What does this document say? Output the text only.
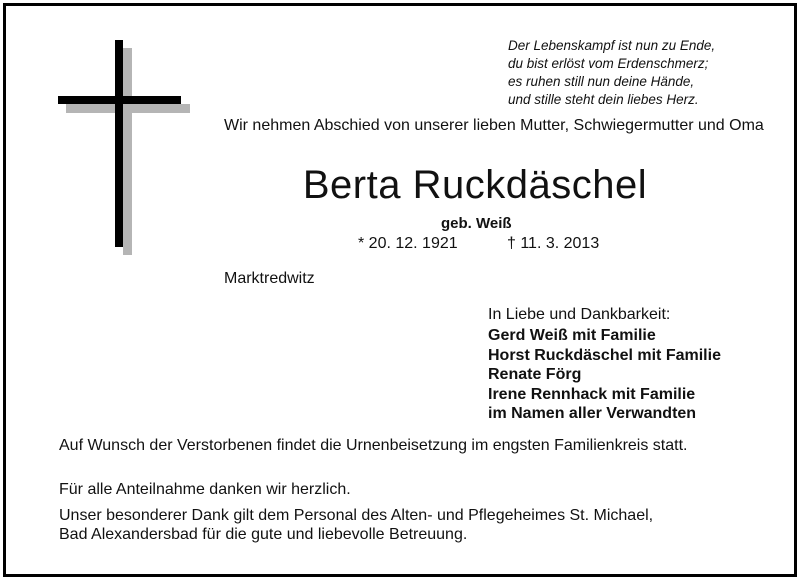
Der Lebenskampf ist nun zu Ende,
du bist erlöst vom Erdenschmerz;
es ruhen still nun deine Hände,
und stille steht dein liebes Herz.
Wir nehmen Abschied von unserer lieben Mutter, Schwiegermutter und Oma
Berta Ruckdäschel
geb. Weiß
* 20. 12. 1921	† 11. 3. 2013
Marktredwitz
In Liebe und Dankbarkeit:
Gerd Weiß mit Familie
Horst Ruckdäschel mit Familie
Renate Förg
Irene Rennhack mit Familie
im Namen aller Verwandten
Auf Wunsch der Verstorbenen findet die Urnenbeisetzung im engsten Familienkreis statt.
Für alle Anteilnahme danken wir herzlich.
Unser besonderer Dank gilt dem Personal des Alten- und Pflegeheimes St. Michael, Bad Alexandersbad für die gute und liebevolle Betreuung.
